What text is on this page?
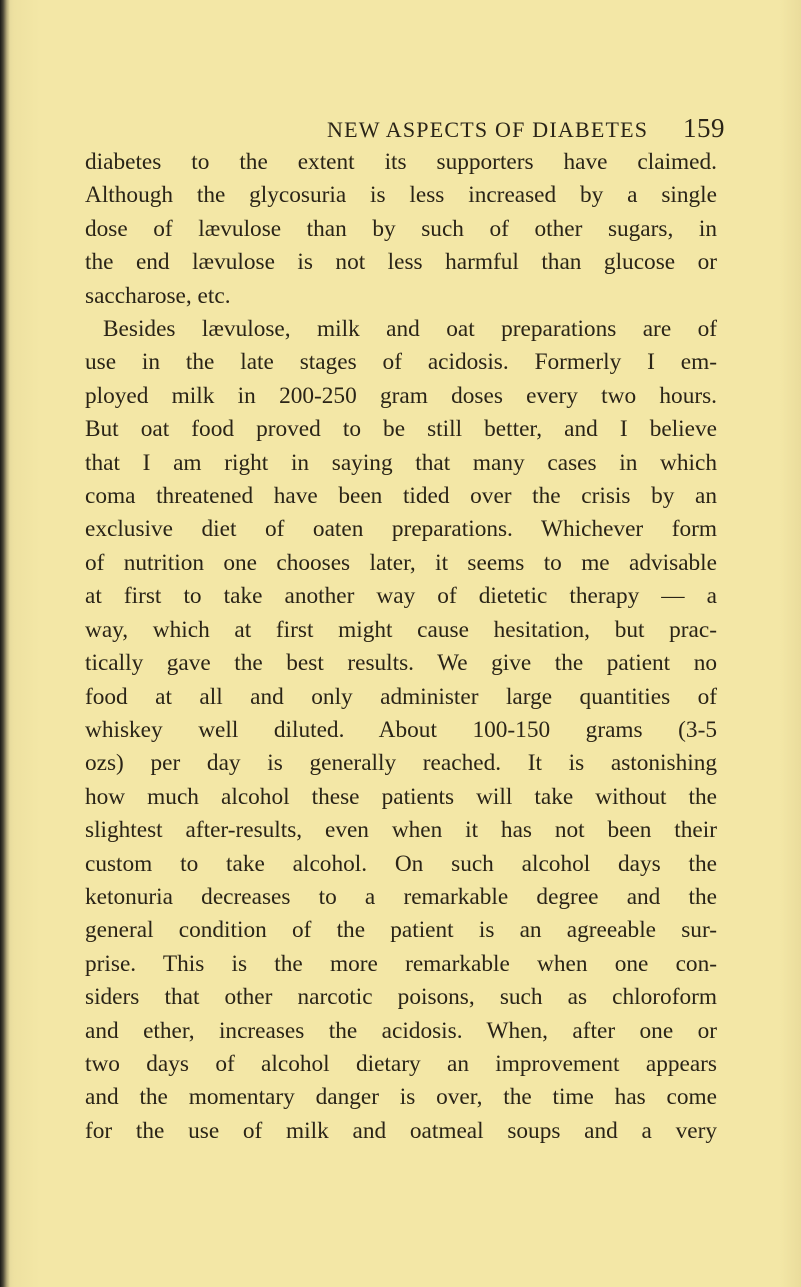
NEW ASPECTS OF DIABETES 159

diabetes to the extent its supporters have claimed.
Although the glycosuria is less increased by a single
dose of lævulose than by such of other sugars, in
the end lævulose is not less harmful than glucose or
saccharose, etc.
Besides lævulose, milk and oat preparations are of
use in the late stages of acidosis. Formerly I em-
ployed milk in 200-250 gram doses every two hours.
But oat food proved to be still better, and I believe
that I am right in saying that many cases in which
coma threatened have been tided over the crisis by an
exclusive diet of oaten preparations. Whichever form
of nutrition one chooses later, it seems to me advisable
at first to take another way of dietetic therapy — a
way, which at first might cause hesitation, but prac-
tically gave the best results. We give the patient no
food at all and only administer large quantities of
whiskey well diluted. About 100-150 grams (3-5
ozs) per day is generally reached. It is astonishing
how much alcohol these patients will take without the
slightest after-results, even when it has not been their
custom to take alcohol. On such alcohol days the
ketonuria decreases to a remarkable degree and the
general condition of the patient is an agreeable sur-
prise. This is the more remarkable when one con-
siders that other narcotic poisons, such as chloroform
and ether, increases the acidosis. When, after one or
two days of alcohol dietary an improvement appears
and the momentary danger is over, the time has come
for the use of milk and oatmeal soups and a very
